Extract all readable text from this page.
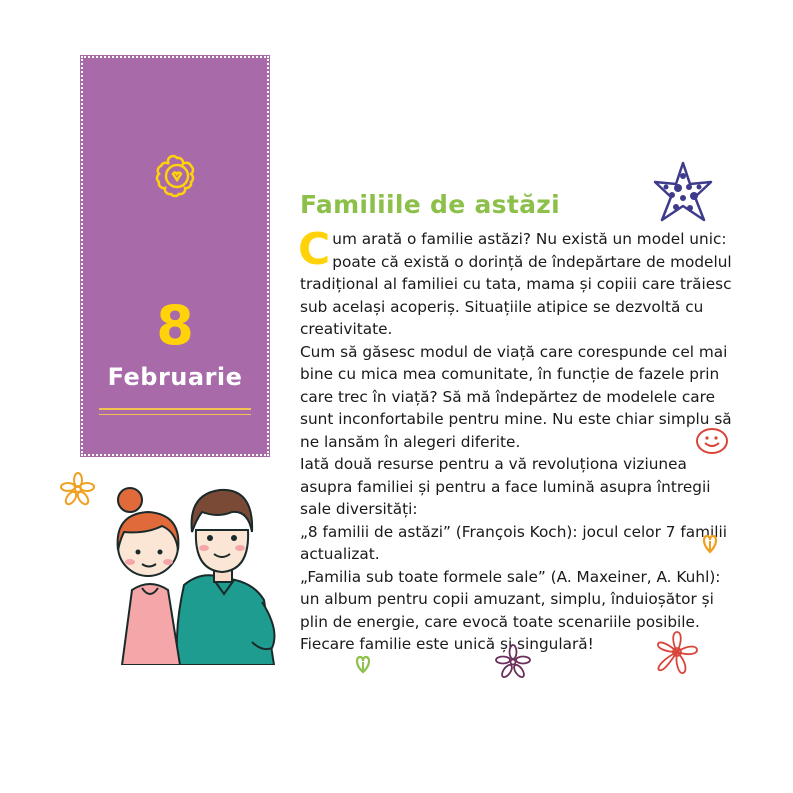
8
Februarie
Familiile de astăzi

Cum arată o familie astăzi? Nu există un model unic: poate că există o dorință de îndepărtare de modelul tradițional al familiei cu tata, mama și copiii care trăiesc sub același acoperiș. Situațiile atipice se dezvoltă cu creativitate.

Cum să găsesc modul de viață care corespunde cel mai bine cu mica mea comunitate, în funcție de fazele prin care trec în viață? Să mă îndepărtez de modelele care sunt inconfortabile pentru mine. Nu este chiar simplu să ne lansăm în alegeri diferite.

Iată două resurse pentru a vă revoluționa viziunea asupra familiei și pentru a face lumină asupra întregii sale diversități:

„8 familii de astăzi” (François Koch): jocul celor 7 familii actualizat.

„Familia sub toate formele sale” (A. Maxeiner, A. Kuhl): un album pentru copii amuzant, simplu, înduioșător și plin de energie, care evocă toate scenariile posibile.

Fiecare familie este unică și singulară!
